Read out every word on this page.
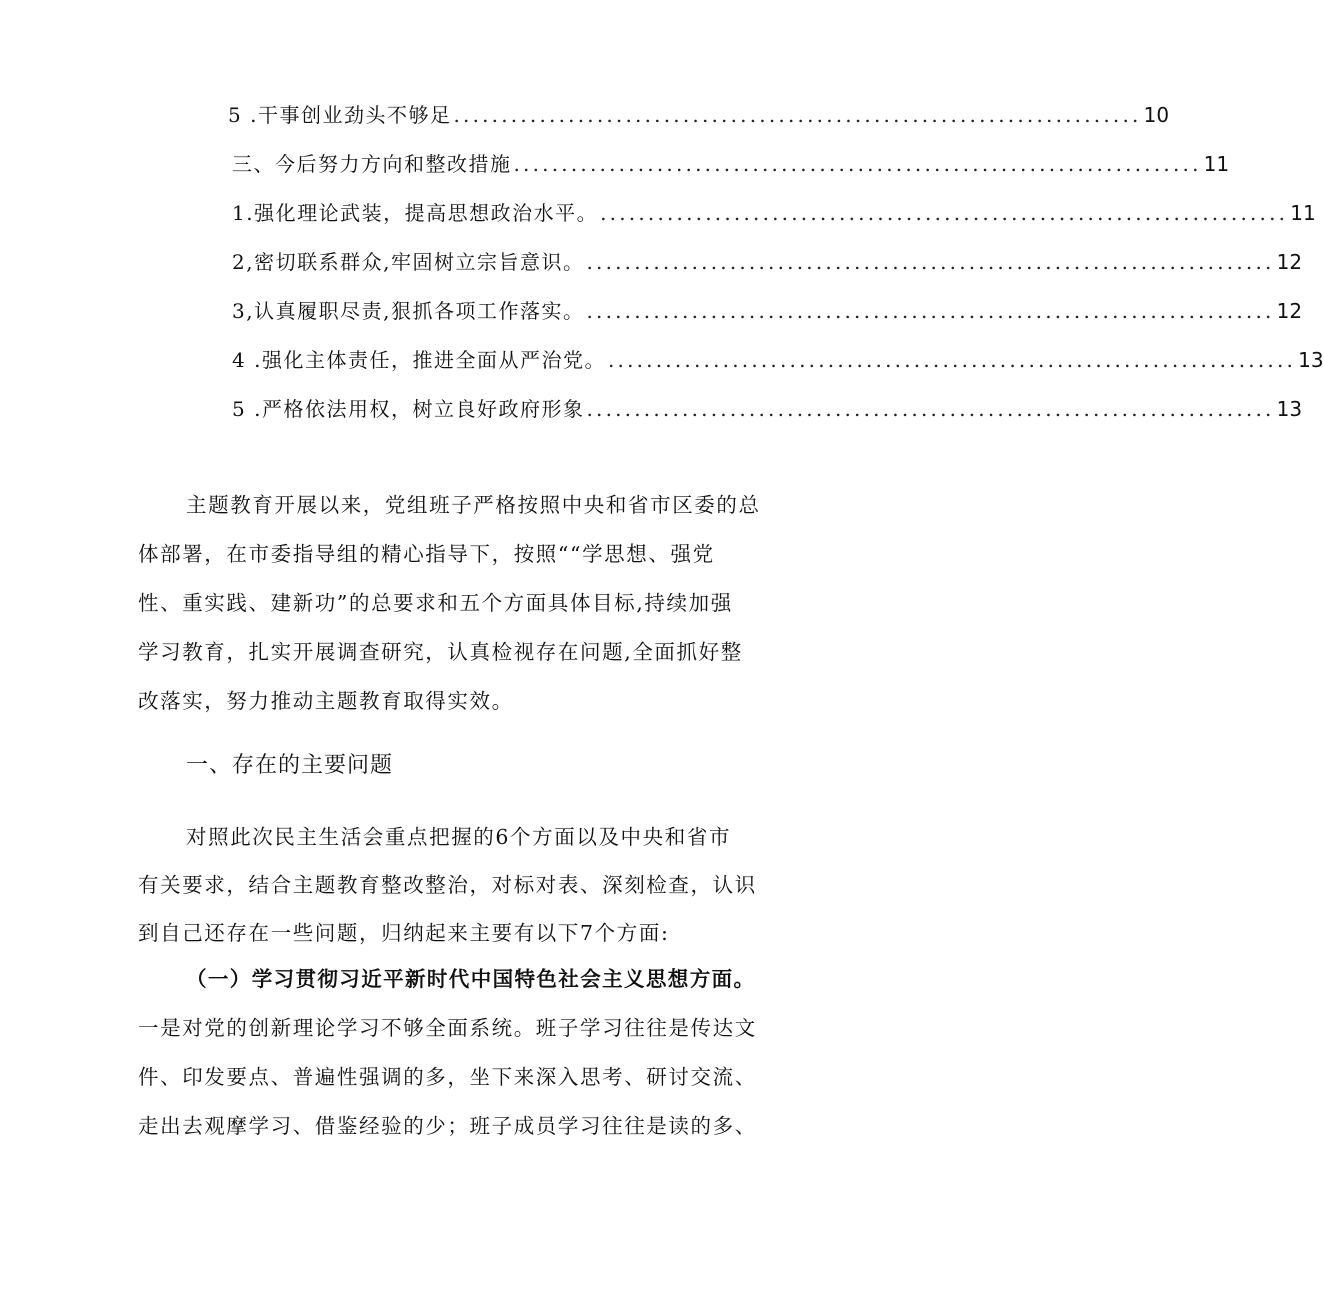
5 .干事创业劲头不够足 ........................................................................ 10
三、今后努力方向和整改措施 ........................................................................ 11
1.强化理论武装，提高思想政治水平。 ........................................................................ 11
2,密切联系群众,牢固树立宗旨意识。 ........................................................................ 12
3,认真履职尽责,狠抓各项工作落实。 ........................................................................ 12
4 .强化主体责任，推进全面从严治党。 ........................................................................ 13
5 .严格依法用权，树立良好政府形象 ........................................................................ 13
主题教育开展以来，党组班子严格按照中央和省市区委的总
体部署，在市委指导组的精心指导下，按照““学思想、强党
性、重实践、建新功”的总要求和五个方面具体目标,持续加强
学习教育，扎实开展调查研究，认真检视存在问题,全面抓好整
改落实，努力推动主题教育取得实效。
一、存在的主要问题
对照此次民主生活会重点把握的6个方面以及中央和省市
有关要求，结合主题教育整改整治，对标对表、深刻检查，认识
到自己还存在一些问题，归纳起来主要有以下7个方面:
（一）学习贯彻习近平新时代中国特色社会主义思想方面。
一是对党的创新理论学习不够全面系统。班子学习往往是传达文
件、印发要点、普遍性强调的多，坐下来深入思考、研讨交流、
走出去观摩学习、借鉴经验的少；班子成员学习往往是读的多、
